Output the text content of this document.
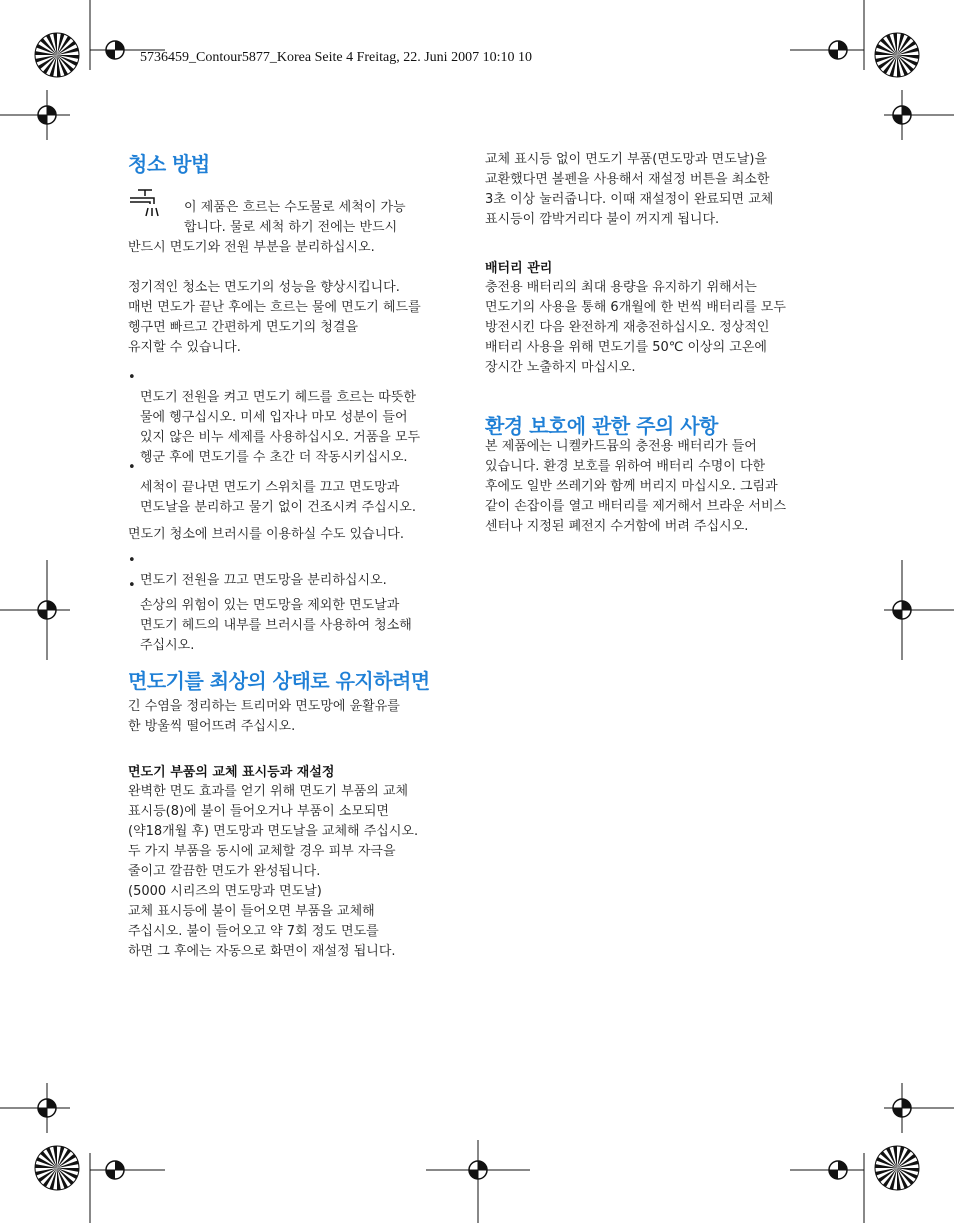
5736459_Contour5877_Korea Seite 4 Freitag, 22. Juni 2007 10:10 10
청소 방법

이 제품은 흐르는 수도물로 세척이 가능

합니다. 물로 세척 하기 전에는 반드시

반드시 면도기와 전원 부분을 분리하십시오.

정기적인 청소는 면도기의 성능을 향상시킵니다.
매번 면도가 끝난 후에는 흐르는 물에 면도기 헤드를
헹구면 빠르고 간편하게 면도기의 청결을
유지할 수 있습니다.

•
면도기 전원을 켜고 면도기 헤드를 흐르는 따뜻한
물에 헹구십시오. 미세 입자나 마모 성분이 들어
있지 않은 비누 세제를 사용하십시오. 거품을 모두
헹군 후에 면도기를 수 초간 더 작동시키십시오.

•
세척이 끝나면 면도기 스위치를 끄고 면도망과
면도날을 분리하고 물기 없이 건조시켜 주십시오.

면도기 청소에 브러시를 이용하실 수도 있습니다.

•
면도기 전원을 끄고 면도망을 분리하십시오.

•
손상의 위험이 있는 면도망을 제외한 면도날과
면도기 헤드의 내부를 브러시를 사용하여 청소해
주십시오.

면도기를 최상의 상태로 유지하려면

긴 수염을 정리하는 트리머와 면도망에 윤활유를
한 방울씩 떨어뜨려 주십시오.

면도기 부품의 교체 표시등과 재설정

완벽한 면도 효과를 얻기 위해 면도기 부품의 교체
표시등(8)에 불이 들어오거나 부품이 소모되면
(약18개월 후) 면도망과 면도날을 교체해 주십시오.
두 가지 부품을 동시에 교체할 경우 피부 자극을
줄이고 깔끔한 면도가 완성됩니다.
(5000 시리즈의 면도망과 면도날)
교체 표시등에 불이 들어오면 부품을 교체해
주십시오. 불이 들어오고 약 7회 정도 면도를
하면 그 후에는 자동으로 화면이 재설정 됩니다.

교체 표시등 없이 면도기 부품(면도망과 면도날)을
교환했다면 볼펜을 사용해서 재설정 버튼을 최소한
3초 이상 눌러줍니다. 이때 재설정이 완료되면 교체
표시등이 깜박거리다 불이 꺼지게 됩니다.

배터리 관리

충전용 배터리의 최대 용량을 유지하기 위해서는
면도기의 사용을 통해 6개월에 한 번씩 배터리를 모두
방전시킨 다음 완전하게 재충전하십시오. 정상적인
배터리 사용을 위해 면도기를 50℃ 이상의 고온에
장시간 노출하지 마십시오.

환경 보호에 관한 주의 사항

본 제품에는 니켈카드뮴의 충전용 배터리가 들어
있습니다. 환경 보호를 위하여 배터리 수명이 다한
후에도 일반 쓰레기와 함께 버리지 마십시오. 그림과
같이 손잡이를 열고 배터리를 제거해서 브라운 서비스
센터나 지정된 폐전지 수거함에 버려 주십시오.
